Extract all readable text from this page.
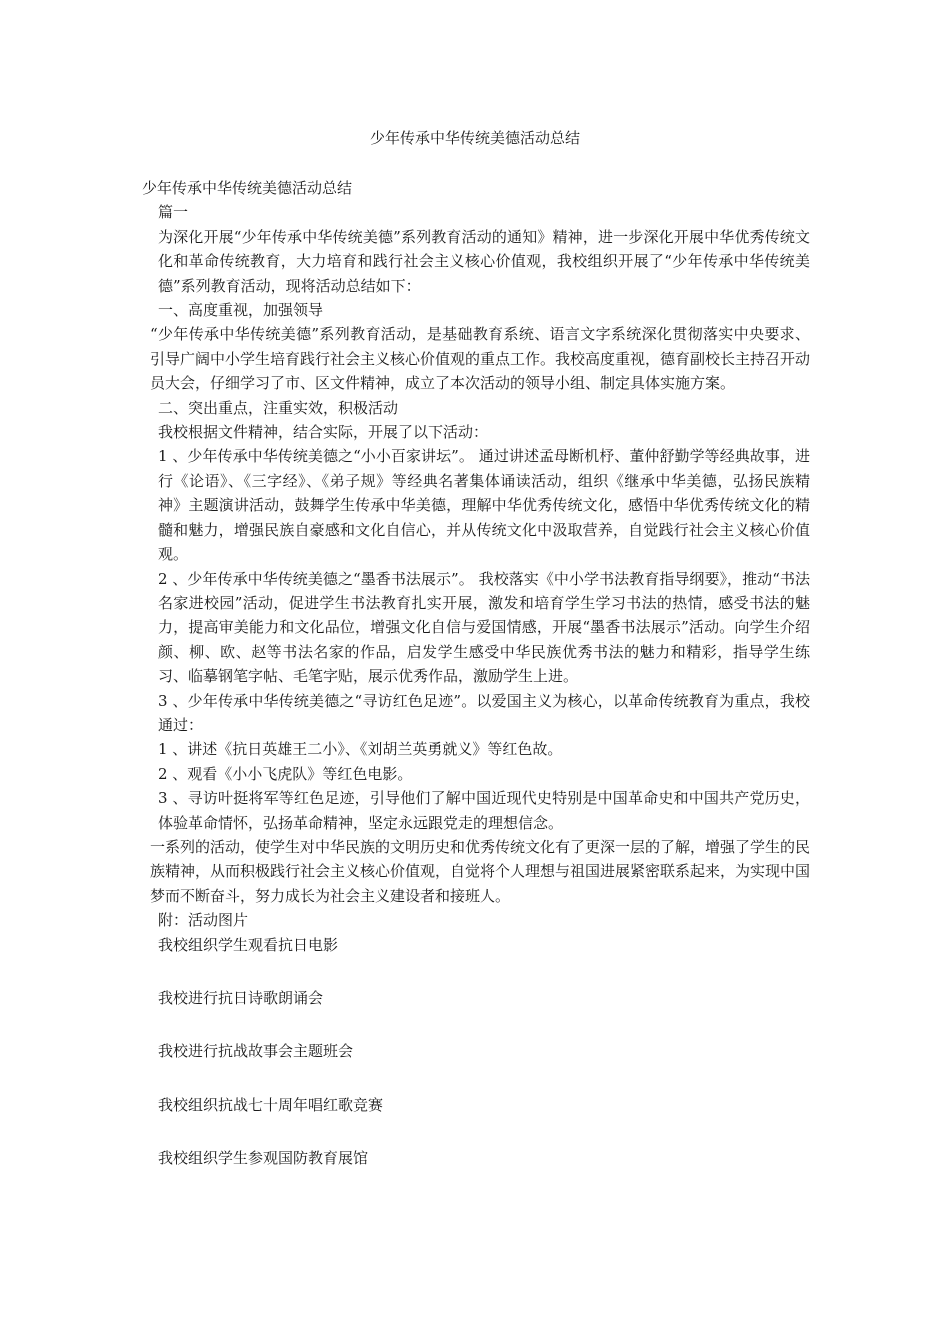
少年传承中华传统美德活动总结

少年传承中华传统美德活动总结

篇一

为深化开展“少年传承中华传统美德”系列教育活动的通知》精神，进一步深化开展中华优秀传统文化和革命传统教育，大力培育和践行社会主义核心价值观，我校组织开展了“少年传承中华传统美德”系列教育活动，现将活动总结如下：

一、高度重视，加强领导

“少年传承中华传统美德”系列教育活动，是基础教育系统、语言文字系统深化贯彻落实中央要求、引导广阔中小学生培育践行社会主义核心价值观的重点工作。我校高度重视，德育副校长主持召开动员大会，仔细学习了市、区文件精神，成立了本次活动的领导小组、制定具体实施方案。

二、突出重点，注重实效，积极活动

我校根据文件精神，结合实际，开展了以下活动：

1 、少年传承中华传统美德之“小小百家讲坛”。 通过讲述孟母断机杼、董仲舒勤学等经典故事，进行《论语》、《三字经》、《弟子规》等经典名著集体诵读活动，组织《继承中华美德，弘扬民族精神》主题演讲活动，鼓舞学生传承中华美德，理解中华优秀传统文化，感悟中华优秀传统文化的精髓和魅力，增强民族自豪感和文化自信心，并从传统文化中汲取营养，自觉践行社会主义核心价值观。

2 、少年传承中华传统美德之“墨香书法展示”。 我校落实《中小学书法教育指导纲要》，推动“书法名家进校园”活动，促进学生书法教育扎实开展，激发和培育学生学习书法的热情，感受书法的魅 力，提高审美能力和文化品位，增强文化自信与爱国情感，开展“墨香书法展示”活动。向学生介绍颜、柳、欧、赵等书法名家的作品，启发学生感受中华民族优秀书法的魅力和精彩，指导学生练习、临摹钢笔字帖、毛笔字贴，展示优秀作品，激励学生上进。

3 、少年传承中华传统美德之“寻访红色足迹”。以爱国主义为核心，以革命传统教育为重点，我校通过：

1 、讲述《抗日英雄王二小》、《刘胡兰英勇就义》等红色故。

2 、观看《小小飞虎队》等红色电影。

3 、寻访叶挺将军等红色足迹，引导他们了解中国近现代史特别是中国革命史和中国共产党历史，体验革命情怀，弘扬革命精神，坚定永远跟党走的理想信念。

一系列的活动，使学生对中华民族的文明历史和优秀传统文化有了更深一层的了解，增强了学生的民族精神，从而积极践行社会主义核心价值观，自觉将个人理想与祖国进展紧密联系起来，为实现中国梦而不断奋斗，努力成长为社会主义建设者和接班人。

附：活动图片

我校组织学生观看抗日电影

我校进行抗日诗歌朗诵会

我校进行抗战故事会主题班会

我校组织抗战七十周年唱红歌竞赛

我校组织学生参观国防教育展馆
